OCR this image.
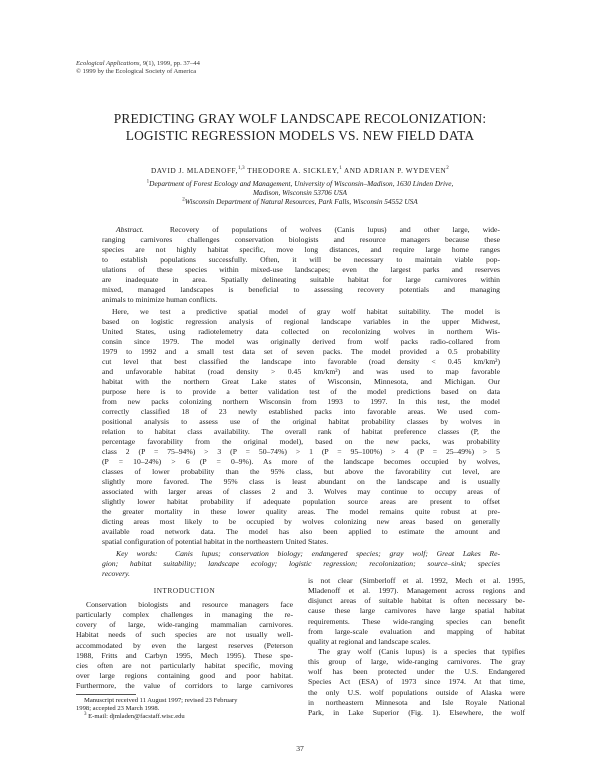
Ecological Applications, 9(1), 1999, pp. 37–44
© 1999 by the Ecological Society of America
PREDICTING GRAY WOLF LANDSCAPE RECOLONIZATION:
LOGISTIC REGRESSION MODELS VS. NEW FIELD DATA
DAVID J. MLADENOFF,$^{1,3}$ THEODORE A. SICKLEY,$^1$ AND ADRIAN P. WYDEVEN$^2$
$^1$Department of Forest Ecology and Management, University of Wisconsin–Madison, 1630 Linden Drive,
Madison, Wisconsin 53706 USA
$^2$Wisconsin Department of Natural Resources, Park Falls, Wisconsin 54552 USA
Abstract.	Recovery of populations of wolves (Canis lupus) and other large, wide-
ranging carnivores challenges conservation biologists and resource managers because these
species are not highly habitat specific, move long distances, and require large home ranges
to establish populations successfully. Often, it will be necessary to maintain viable pop-
ulations of these species within mixed-use landscapes; even the largest parks and reserves
are inadequate in area. Spatially delineating suitable habitat for large carnivores within
mixed, managed landscapes is beneficial to assessing recovery potentials and managing
animals to minimize human conflicts.
Here, we test a predictive spatial model of gray wolf habitat suitability. The model is
based on logistic regression analysis of regional landscape variables in the upper Midwest,
United States, using radiotelemetry data collected on recolonizing wolves in northern Wis-
consin since 1979. The model was originally derived from wolf packs radio-collared from
1979 to 1992 and a small test data set of seven packs. The model provided a 0.5 probability
cut level that best classified the landscape into favorable (road density < 0.45 km/km²)
and unfavorable habitat (road density > 0.45 km/km²) and was used to map favorable
habitat with the northern Great Lake states of Wisconsin, Minnesota, and Michigan. Our
purpose here is to provide a better validation test of the model predictions based on data
from new packs colonizing northern Wisconsin from 1993 to 1997. In this test, the model
correctly classified 18 of 23 newly established packs into favorable areas. We used com-
positional analysis to assess use of the original habitat probability classes by wolves in
relation to habitat class availability. The overall rank of habitat preference classes (P, the
percentage favorability from the original model), based on the new packs, was probability
class 2 (P = 75–94%) > 3 (P = 50–74%) > 1 (P = 95–100%) > 4 (P = 25–49%) > 5
(P = 10–24%) > 6 (P = 0–9%). As more of the landscape becomes occupied by wolves,
classes of lower probability than the 95% class, but above the favorability cut level, are
slightly more favored. The 95% class is least abundant on the landscape and is usually
associated with larger areas of classes 2 and 3. Wolves may continue to occupy areas of
slightly lower habitat probability if adequate population source areas are present to offset
the greater mortality in these lower quality areas. The model remains quite robust at pre-
dicting areas most likely to be occupied by wolves colonizing new areas based on generally
available road network data. The model has also been applied to estimate the amount and
spatial configuration of potential habitat in the northeastern United States.
Key words: Canis lupus; conservation biology; endangered species; gray wolf; Great Lakes Re-
gion; habitat suitability; landscape ecology; logistic regression; recolonization; source–sink; species
recovery.
INTRODUCTION
Conservation biologists and resource managers face
particularly complex challenges in managing the re-
covery of large, wide-ranging mammalian carnivores.
Habitat needs of such species are not usually well-
accommodated by even the largest reserves (Peterson
1988, Fritts and Carbyn 1995, Mech 1995). These spe-
cies often are not particularly habitat specific, moving
over large regions containing good and poor habitat.
Furthermore, the value of corridors to large carnivores
is not clear (Simberloff et al. 1992, Mech et al. 1995,
Mladenoff et al. 1997). Management across regions and
disjunct areas of suitable habitat is often necessary be-
cause these large carnivores have large spatial habitat
requirements. These wide-ranging species can benefit
from large-scale evaluation and mapping of habitat
quality at regional and landscape scales.
The gray wolf (Canis lupus) is a species that typifies
this group of large, wide-ranging carnivores. The gray
wolf has been protected under the U.S. Endangered
Species Act (ESA) of 1973 since 1974. At that time,
the only U.S. wolf populations outside of Alaska were
in northeastern Minnesota and Isle Royale National
Park, in Lake Superior (Fig. 1). Elsewhere, the wolf
Manuscript received 11 August 1997; revised 23 February
1998; accepted 23 March 1998.
$^3$ E-mail: djmladen@facstaff.wisc.edu
37
